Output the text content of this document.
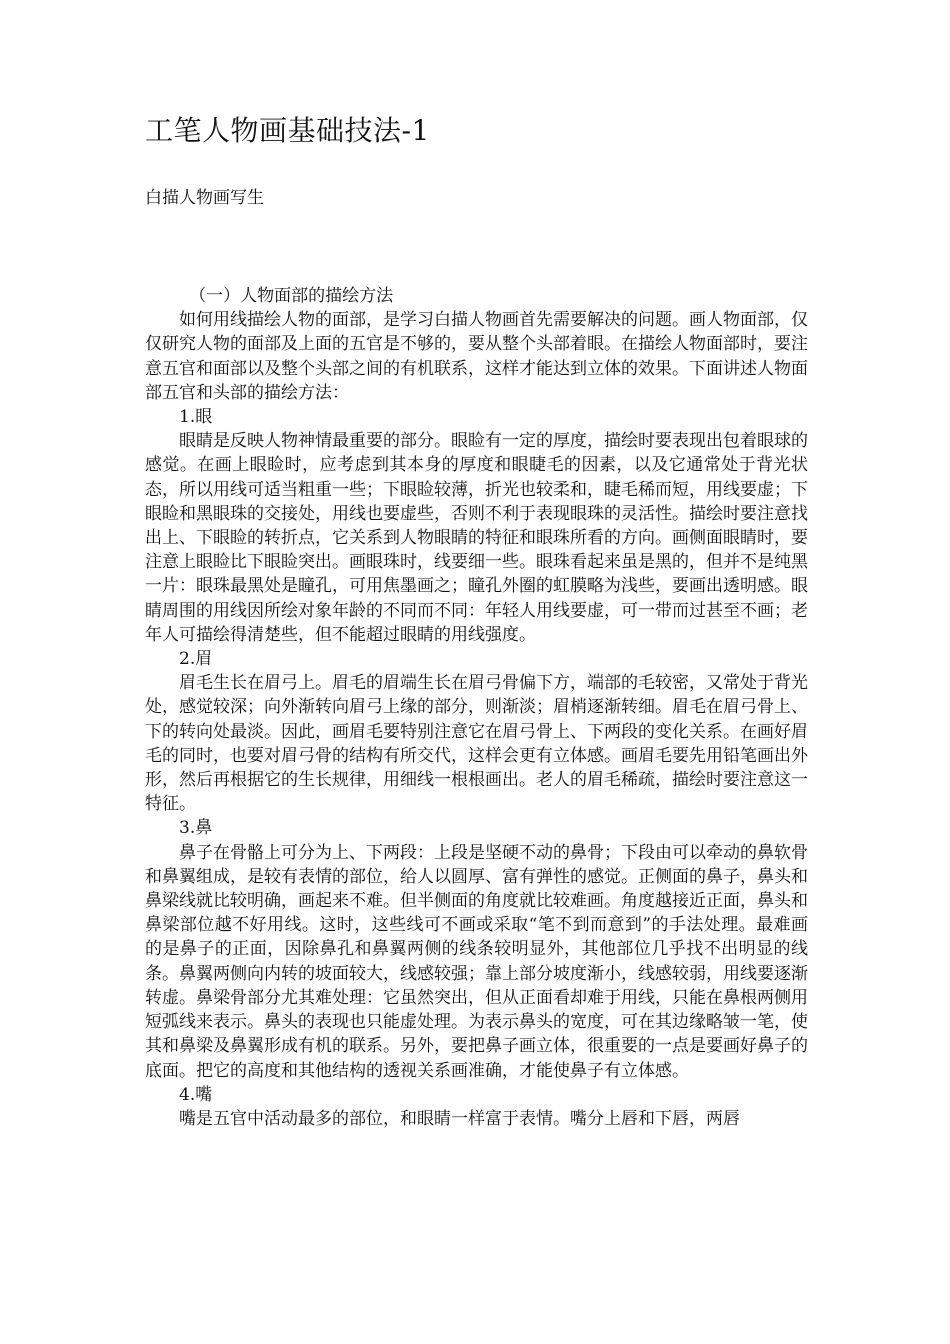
工笔人物画基础技法-1
白描人物画写生

（一）人物面部的描绘方法

如何用线描绘人物的面部，是学习白描人物画首先需要解决的问题。画人物面部，仅仅研究人物的面部及上面的五官是不够的，要从整个头部着眼。在描绘人物面部时，要注意五官和面部以及整个头部之间的有机联系，这样才能达到立体的效果。下面讲述人物面部五官和头部的描绘方法：

1.眼

眼睛是反映人物神情最重要的部分。眼睑有一定的厚度，描绘时要表现出包着眼球的感觉。在画上眼睑时，应考虑到其本身的厚度和眼睫毛的因素，以及它通常处于背光状态，所以用线可适当粗重一些；下眼睑较薄，折光也较柔和，睫毛稀而短，用线要虚；下眼睑和黑眼珠的交接处，用线也要虚些，否则不利于表现眼珠的灵活性。描绘时要注意找出上、下眼睑的转折点，它关系到人物眼睛的特征和眼珠所看的方向。画侧面眼睛时，要注意上眼睑比下眼睑突出。画眼珠时，线要细一些。眼珠看起来虽是黑的，但并不是纯黑一片：眼珠最黑处是瞳孔，可用焦墨画之；瞳孔外圈的虹膜略为浅些，要画出透明感。眼睛周围的用线因所绘对象年龄的不同而不同：年轻人用线要虚，可一带而过甚至不画；老年人可描绘得清楚些，但不能超过眼睛的用线强度。

2.眉

眉毛生长在眉弓上。眉毛的眉端生长在眉弓骨偏下方，端部的毛较密，又常处于背光处，感觉较深；向外渐转向眉弓上缘的部分，则渐淡；眉梢逐渐转细。眉毛在眉弓骨上、下的转向处最淡。因此，画眉毛要特别注意它在眉弓骨上、下两段的变化关系。在画好眉毛的同时，也要对眉弓骨的结构有所交代，这样会更有立体感。画眉毛要先用铅笔画出外形，然后再根据它的生长规律，用细线一根根画出。老人的眉毛稀疏，描绘时要注意这一特征。

3.鼻

鼻子在骨骼上可分为上、下两段：上段是坚硬不动的鼻骨；下段由可以牵动的鼻软骨和鼻翼组成，是较有表情的部位，给人以圆厚、富有弹性的感觉。正侧面的鼻子，鼻头和鼻梁线就比较明确，画起来不难。但半侧面的角度就比较难画。角度越接近正面，鼻头和鼻梁部位越不好用线。这时，这些线可不画或采取“笔不到而意到”的手法处理。最难画的是鼻子的正面，因除鼻孔和鼻翼两侧的线条较明显外，其他部位几乎找不出明显的线条。鼻翼两侧向内转的坡面较大，线感较强；靠上部分坡度渐小，线感较弱，用线要逐渐转虚。鼻梁骨部分尤其难处理：它虽然突出，但从正面看却难于用线，只能在鼻根两侧用短弧线来表示。鼻头的表现也只能虚处理。为表示鼻头的宽度，可在其边缘略皱一笔，使其和鼻梁及鼻翼形成有机的联系。另外，要把鼻子画立体，很重要的一点是要画好鼻子的底面。把它的高度和其他结构的透视关系画准确，才能使鼻子有立体感。

4.嘴

嘴是五官中活动最多的部位，和眼睛一样富于表情。嘴分上唇和下唇，两唇
